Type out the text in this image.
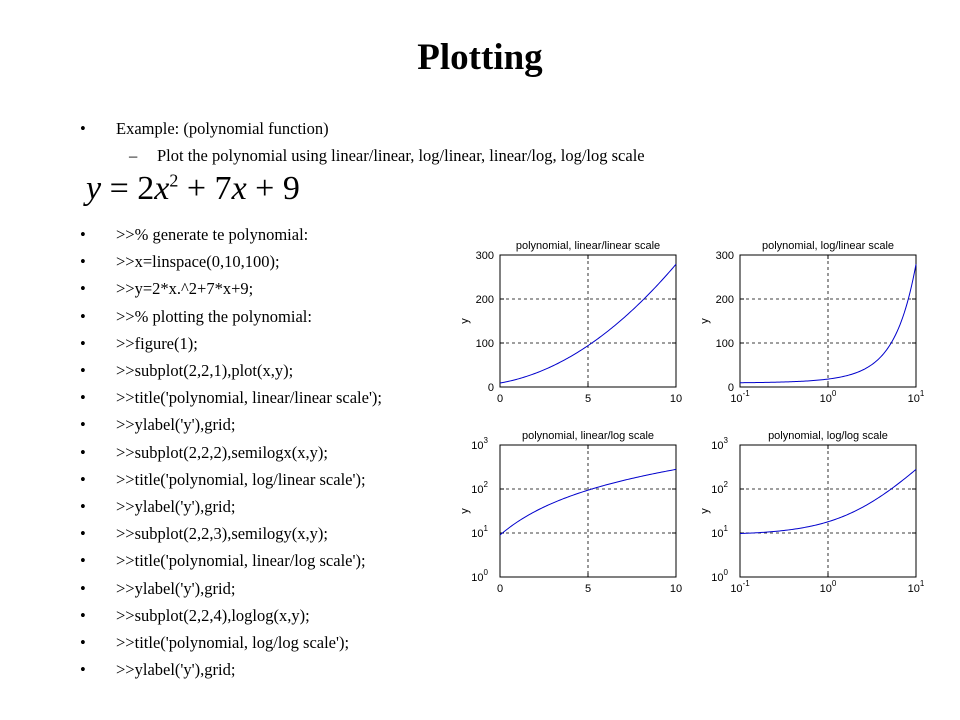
Plotting
• Example: (polynomial function)
– Plot the polynomial using linear/linear, log/linear, linear/log, log/log scale
$y = 2x^2 + 7x + 9$
• >>% generate te polynomial:
• >>x=linspace(0,10,100);
• >>y=2*x.^2+7*x+9;
• >>% plotting the polynomial:
• >>figure(1);
• >>subplot(2,2,1),plot(x,y);
• >>title('polynomial, linear/linear scale');
• >>ylabel('y'),grid;
• >>subplot(2,2,2),semilogx(x,y);
• >>title('polynomial, log/linear scale');
• >>ylabel('y'),grid;
• >>subplot(2,2,3),semilogy(x,y);
• >>title('polynomial, linear/log scale');
• >>ylabel('y'),grid;
• >>subplot(2,2,4),loglog(x,y);
• >>title('polynomial, log/log scale');
• >>ylabel('y'),grid;
polynomial, linear/linear scale
y
0	5	10
0
100
200
300
polynomial, log/linear scale
y
$10^{-1}$	$10^0$	$10^1$
0
100
200
300
polynomial, linear/log scale
y
0	5	10
$10^0$
$10^1$
$10^2$
$10^3$	polynomial, log/log scale
y
$10^{-1}$	$10^0$	$10^1$
$10^0$
$10^1$
$10^2$
$10^3$
